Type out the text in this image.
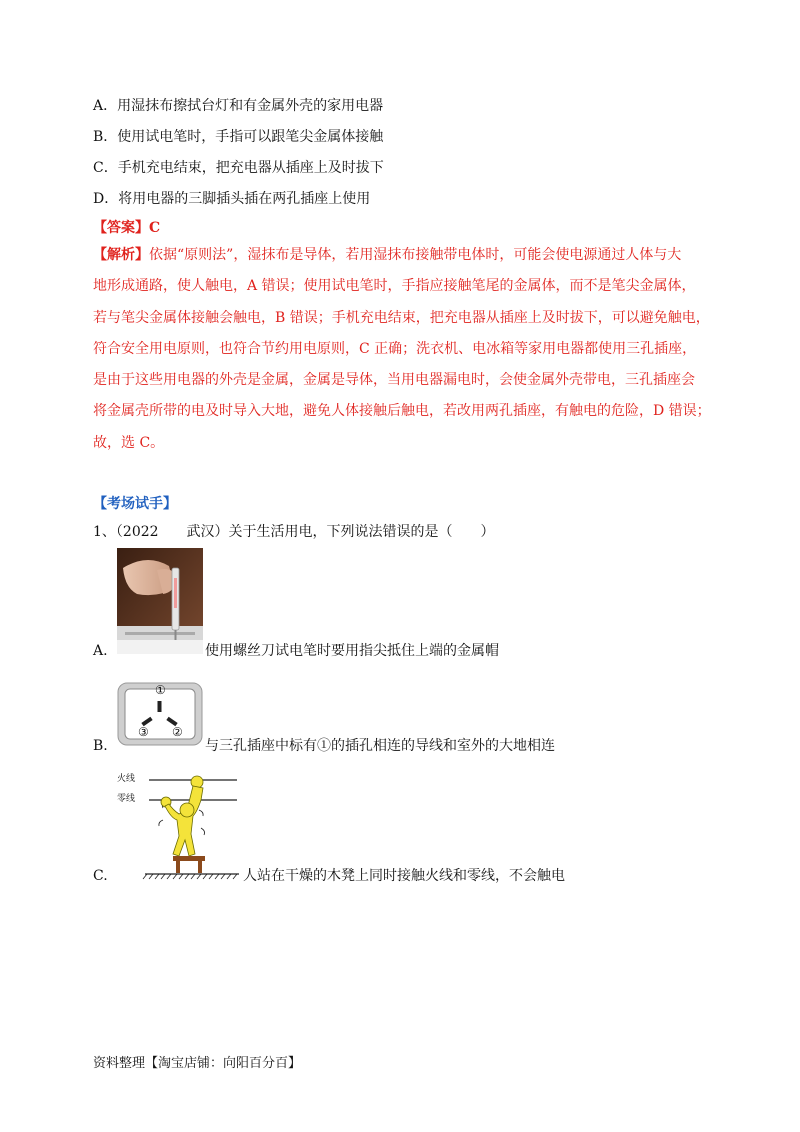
A．用湿抹布擦拭台灯和有金属外壳的家用电器
B．使用试电笔时，手指可以跟笔尖金属体接触
C．手机充电结束，把充电器从插座上及时拔下
D．将用电器的三脚插头插在两孔插座上使用
【答案】C
【解析】依据“原则法”，湿抹布是导体，若用湿抹布接触带电体时，可能会使电源通过人体与大
地形成通路，使人触电，A 错误；使用试电笔时，手指应接触笔尾的金属体，而不是笔尖金属体，
若与笔尖金属体接触会触电，B 错误；手机充电结束，把充电器从插座上及时拔下，可以避免触电，
符合安全用电原则，也符合节约用电原则，C 正确；洗衣机、电冰箱等家用电器都使用三孔插座，
是由于这些用电器的外壳是金属，金属是导体，当用电器漏电时，会使金属外壳带电，三孔插座会
将金属壳所带的电及时导入大地，避免人体接触后触电，若改用两孔插座，有触电的危险，D 错误；
故，选 C。
【考场试手】
1、（2022　　武汉）关于生活用电，下列说法错误的是（　　）
A.	使用螺丝刀试电笔时要用指尖抵住上端的金属帽
①
③ ②
B.	与三孔插座中标有①的插孔相连的导线和室外的大地相连
火线
零线
C.	人站在干燥的木凳上同时接触火线和零线，不会触电
资料整理【淘宝店铺：向阳百分百】
